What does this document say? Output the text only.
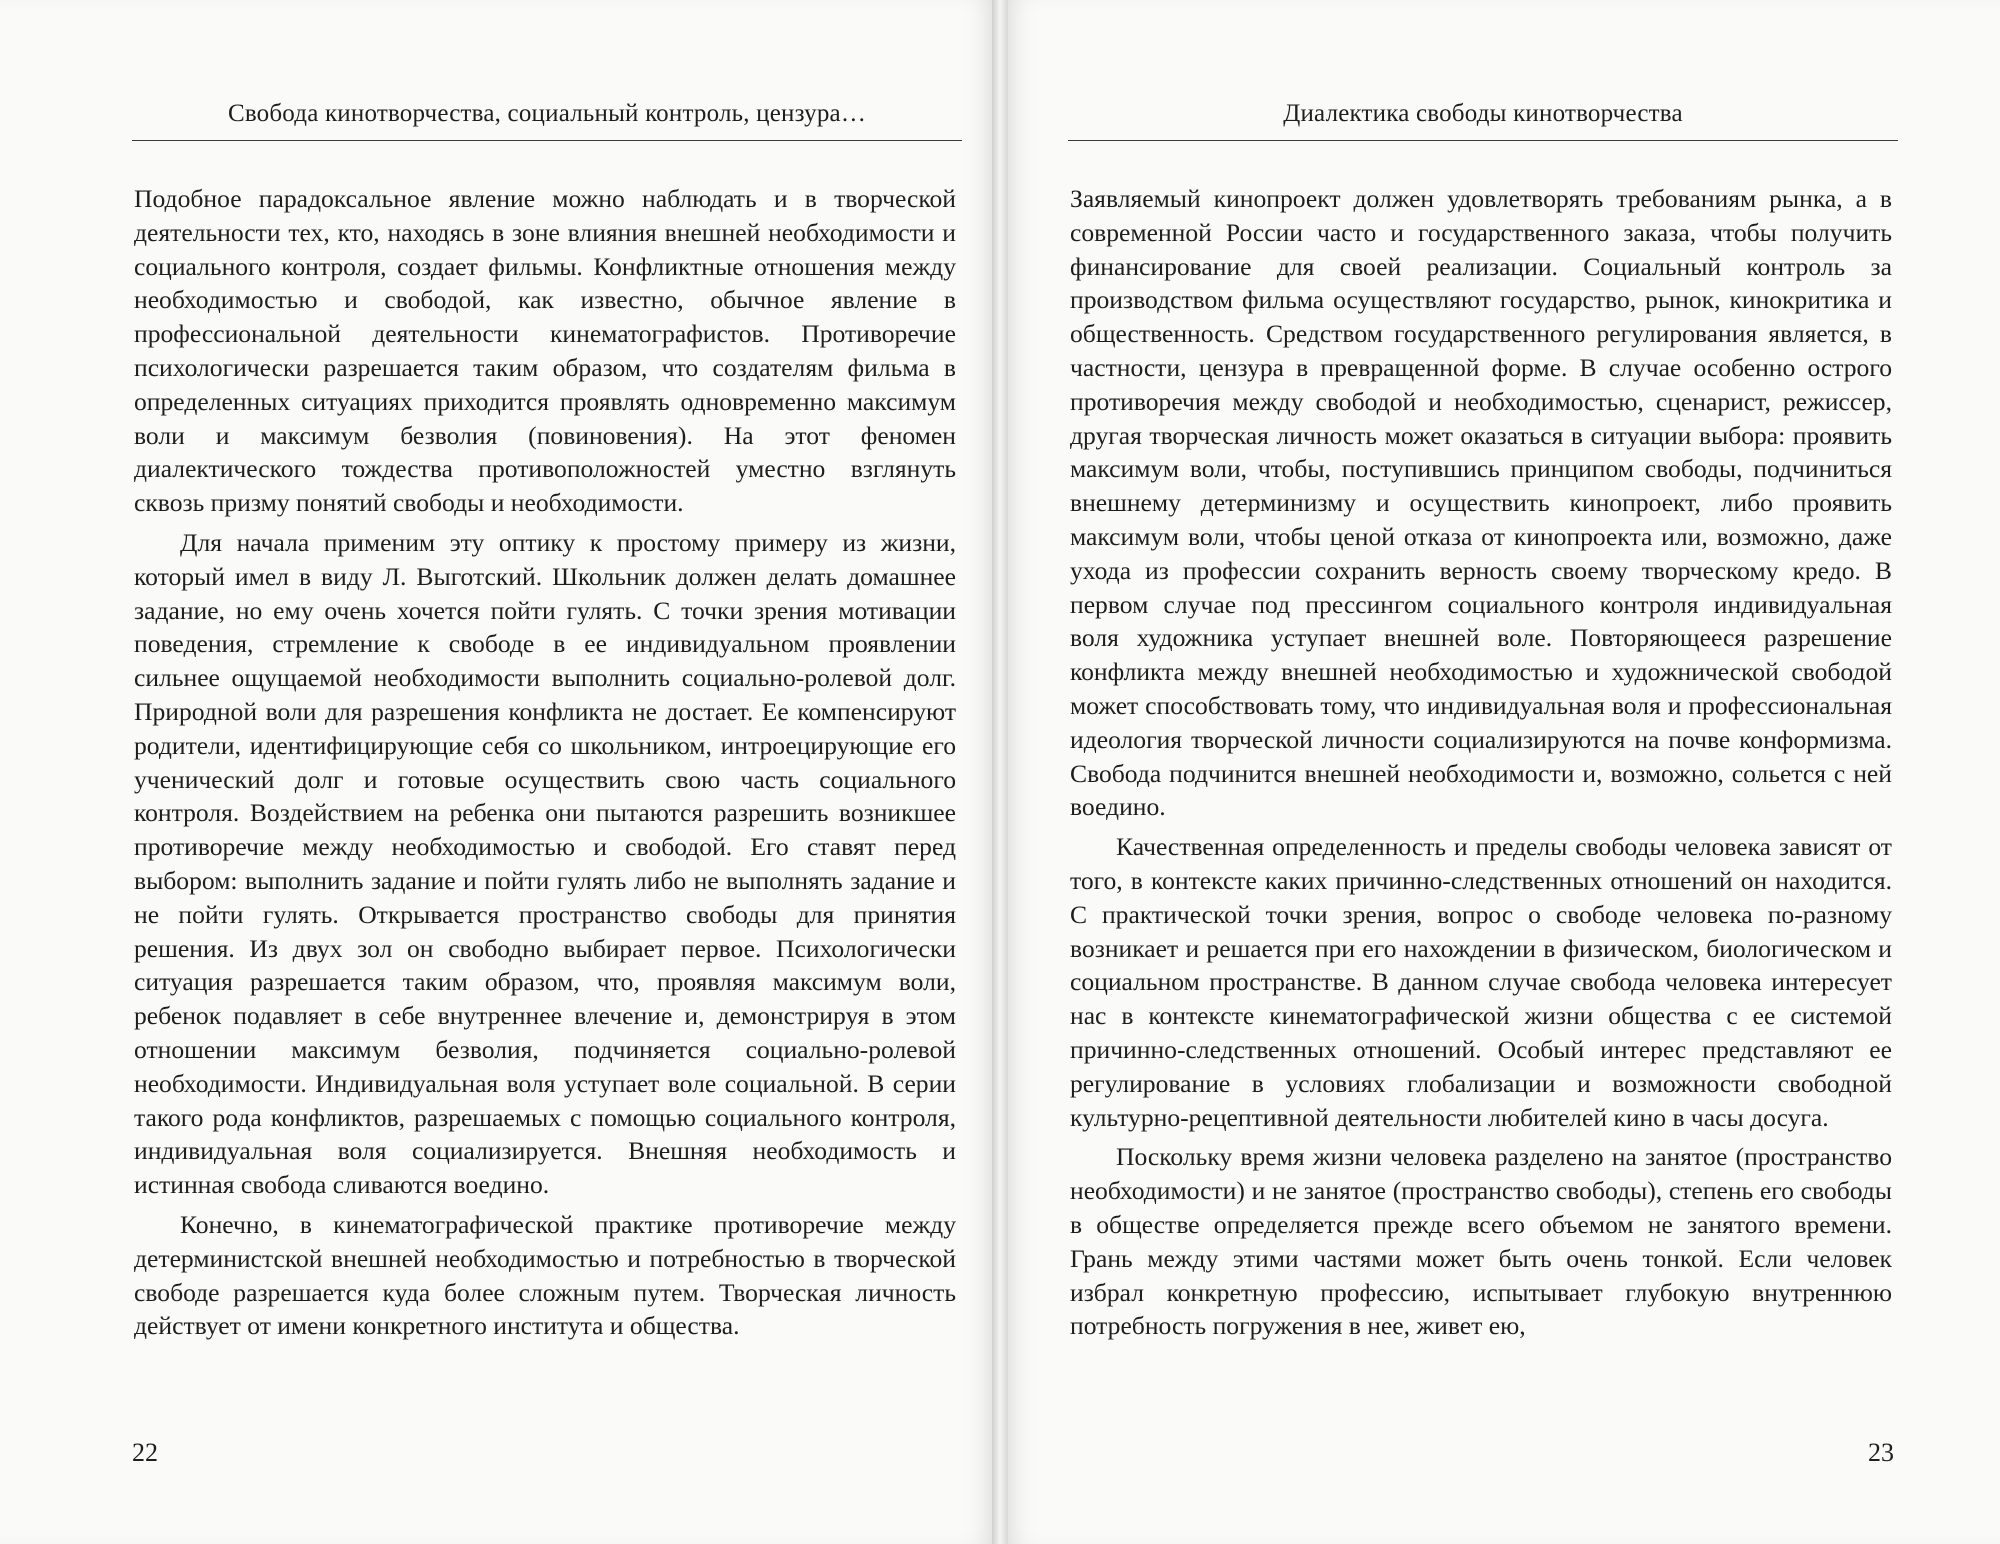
Свобода кинотворчества, социальный контроль, цензура…

Подобное парадоксальное явление можно наблюдать и в творческой деятельности тех, кто, находясь в зоне влияния внешней необходимости и социального контроля, создает фильмы. Конфликтные отношения между необходимостью и свободой, как известно, обычное явление в профессиональной деятельности кинематографистов. Противоречие психологически разрешается таким образом, что создателям фильма в определенных ситуациях приходится проявлять одновременно максимум воли и максимум безволия (повиновения). На этот феномен диалектического тождества противоположностей уместно взглянуть сквозь призму понятий свободы и необходимости.

Для начала применим эту оптику к простому примеру из жизни, который имел в виду Л. Выготский. Школьник должен делать домашнее задание, но ему очень хочется пойти гулять. С точки зрения мотивации поведения, стремление к свободе в ее индивидуальном проявлении сильнее ощущаемой необходимости выполнить социально-ролевой долг. Природной воли для разрешения конфликта не достает. Ее компенсируют родители, идентифицирующие себя со школьником, интроецирующие его ученический долг и готовые осуществить свою часть социального контроля. Воздействием на ребенка они пытаются разрешить возникшее противоречие между необходимостью и свободой. Его ставят перед выбором: выполнить задание и пойти гулять либо не выполнять задание и не пойти гулять. Открывается пространство свободы для принятия решения. Из двух зол он свободно выбирает первое. Психологически ситуация разрешается таким образом, что, проявляя максимум воли, ребенок подавляет в себе внутреннее влечение и, демонстрируя в этом отношении максимум безволия, подчиняется социально-ролевой необходимости. Индивидуальная воля уступает воле социальной. В серии такого рода конфликтов, разрешаемых с помощью социального контроля, индивидуальная воля социализируется. Внешняя необходимость и истинная свобода сливаются воедино.

Конечно, в кинематографической практике противоречие между детерминистской внешней необходимостью и потребностью в творческой свободе разрешается куда более сложным путем. Творческая личность действует от имени конкретного института и общества.

22
Диалектика свободы кинотворчества

Заявляемый кинопроект должен удовлетворять требованиям рынка, а в современной России часто и государственного заказа, чтобы получить финансирование для своей реализации. Социальный контроль за производством фильма осуществляют государство, рынок, кинокритика и общественность. Средством государственного регулирования является, в частности, цензура в превращенной форме. В случае особенно острого противоречия между свободой и необходимостью, сценарист, режиссер, другая творческая личность может оказаться в ситуации выбора: проявить максимум воли, чтобы, поступившись принципом свободы, подчиниться внешнему детерминизму и осуществить кинопроект, либо проявить максимум воли, чтобы ценой отказа от кинопроекта или, возможно, даже ухода из профессии сохранить верность своему творческому кредо. В первом случае под прессингом социального контроля индивидуальная воля художника уступает внешней воле. Повторяющееся разрешение конфликта между внешней необходимостью и художнической свободой может способствовать тому, что индивидуальная воля и профессиональная идеология творческой личности социализируются на почве конформизма. Свобода подчинится внешней необходимости и, возможно, сольется с ней воедино.

Качественная определенность и пределы свободы человека зависят от того, в контексте каких причинно-следственных отношений он находится. С практической точки зрения, вопрос о свободе человека по-разному возникает и решается при его нахождении в физическом, биологическом и социальном пространстве. В данном случае свобода человека интересует нас в контексте кинематографической жизни общества с ее системой причинно-следственных отношений. Особый интерес представляют ее регулирование в условиях глобализации и возможности свободной культурно-рецептивной деятельности любителей кино в часы досуга.

Поскольку время жизни человека разделено на занятое (пространство необходимости) и не занятое (пространство свободы), степень его свободы в обществе определяется прежде всего объемом не занятого времени. Грань между этими частями может быть очень тонкой. Если человек избрал конкретную профессию, испытывает глубокую внутреннюю потребность погружения в нее, живет ею,

23
